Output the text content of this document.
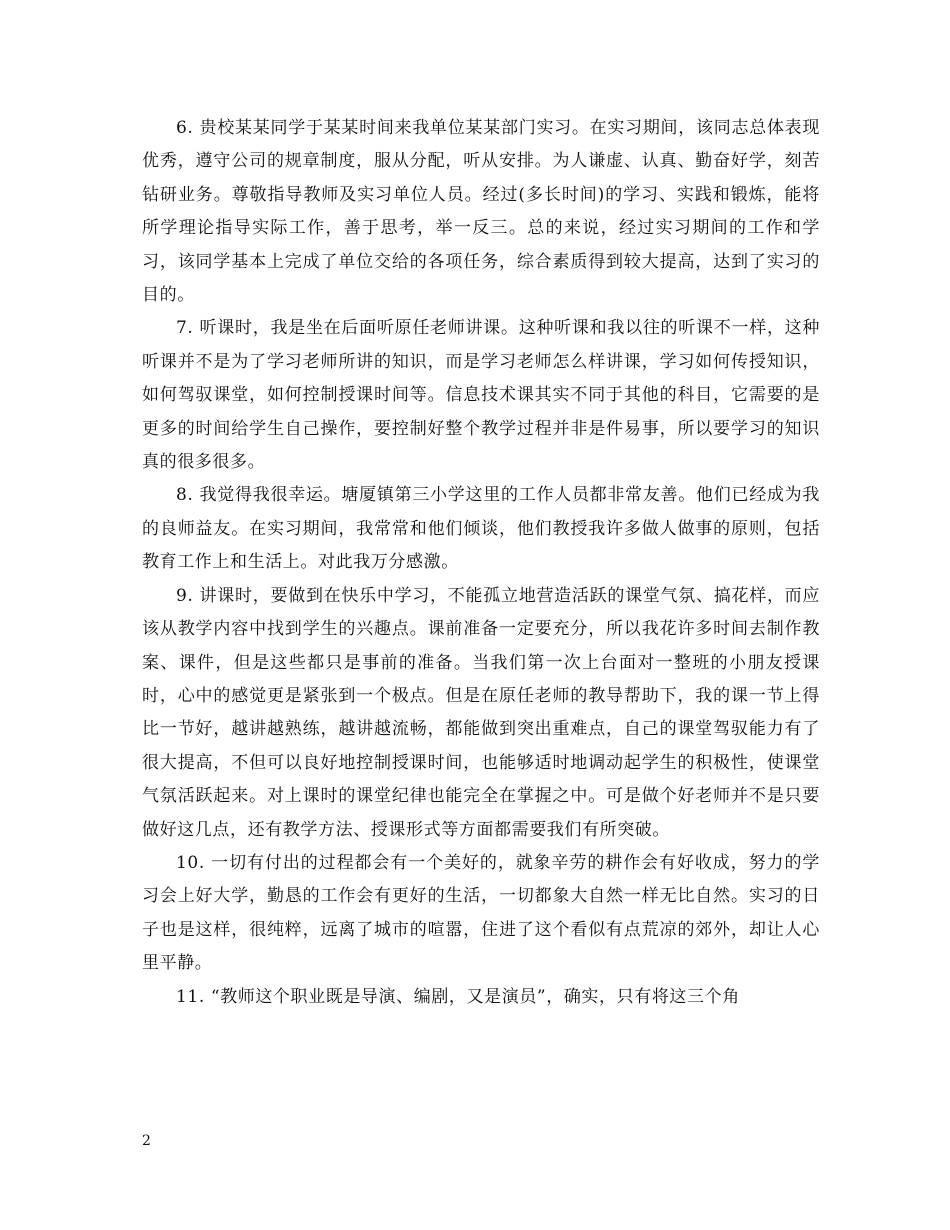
6. 贵校某某同学于某某时间来我单位某某部门实习。在实习期间，该同志总体表现优秀，遵守公司的规章制度，服从分配，听从安排。为人谦虚、认真、勤奋好学，刻苦钻研业务。尊敬指导教师及实习单位人员。经过(多长时间)的学习、实践和锻炼，能将所学理论指导实际工作，善于思考，举一反三。总的来说，经过实习期间的工作和学习，该同学基本上完成了单位交给的各项任务，综合素质得到较大提高，达到了实习的目的。

7. 听课时，我是坐在后面听原任老师讲课。这种听课和我以往的听课不一样，这种听课并不是为了学习老师所讲的知识，而是学习老师怎么样讲课，学习如何传授知识，如何驾驭课堂，如何控制授课时间等。信息技术课其实不同于其他的科目，它需要的是更多的时间给学生自己操作，要控制好整个教学过程并非是件易事，所以要学习的知识真的很多很多。

8. 我觉得我很幸运。塘厦镇第三小学这里的工作人员都非常友善。他们已经成为我的良师益友。在实习期间，我常常和他们倾谈，他们教授我许多做人做事的原则，包括教育工作上和生活上。对此我万分感激。

9. 讲课时，要做到在快乐中学习，不能孤立地营造活跃的课堂气氛、搞花样，而应该从教学内容中找到学生的兴趣点。课前准备一定要充分，所以我花许多时间去制作教案、课件，但是这些都只是事前的准备。当我们第一次上台面对一整班的小朋友授课时，心中的感觉更是紧张到一个极点。但是在原任老师的教导帮助下，我的课一节上得比一节好，越讲越熟练，越讲越流畅，都能做到突出重难点，自己的课堂驾驭能力有了很大提高，不但可以良好地控制授课时间，也能够适时地调动起学生的积极性，使课堂气氛活跃起来。对上课时的课堂纪律也能完全在掌握之中。可是做个好老师并不是只要做好这几点，还有教学方法、授课形式等方面都需要我们有所突破。

10. 一切有付出的过程都会有一个美好的，就象辛劳的耕作会有好收成，努力的学习会上好大学，勤恳的工作会有更好的生活，一切都象大自然一样无比自然。实习的日子也是这样，很纯粹，远离了城市的喧嚣，住进了这个看似有点荒凉的郊外，却让人心里平静。

11. “教师这个职业既是导演、编剧，又是演员”，确实，只有将这三个角

2
